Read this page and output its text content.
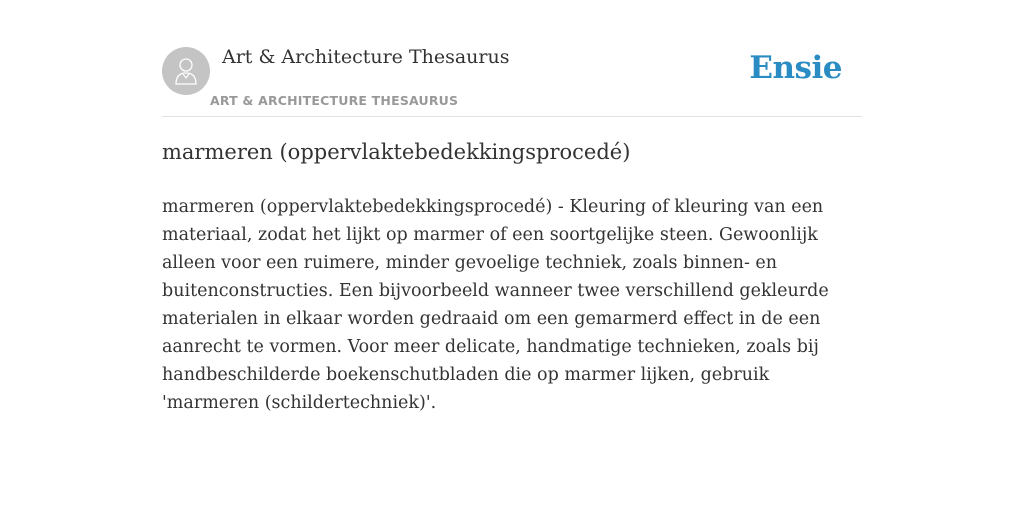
Art & Architecture Thesaurus
ART & ARCHITECTURE THESAURUS
Ensie
marmeren (oppervlaktebedekkingsprocedé)

marmeren (oppervlaktebedekkingsprocedé) - Kleuring of kleuring van een materiaal, zodat het lijkt op marmer of een soortgelijke steen. Gewoonlijk alleen voor een ruimere, minder gevoelige techniek, zoals binnen- en buitenconstructies. Een bijvoorbeeld wanneer twee verschillend gekleurde materialen in elkaar worden gedraaid om een gemarmerd effect in de een aanrecht te vormen. Voor meer delicate, handmatige technieken, zoals bij handbeschilderde boekenschutbladen die op marmer lijken, gebruik 'marmeren (schildertechniek)'.
